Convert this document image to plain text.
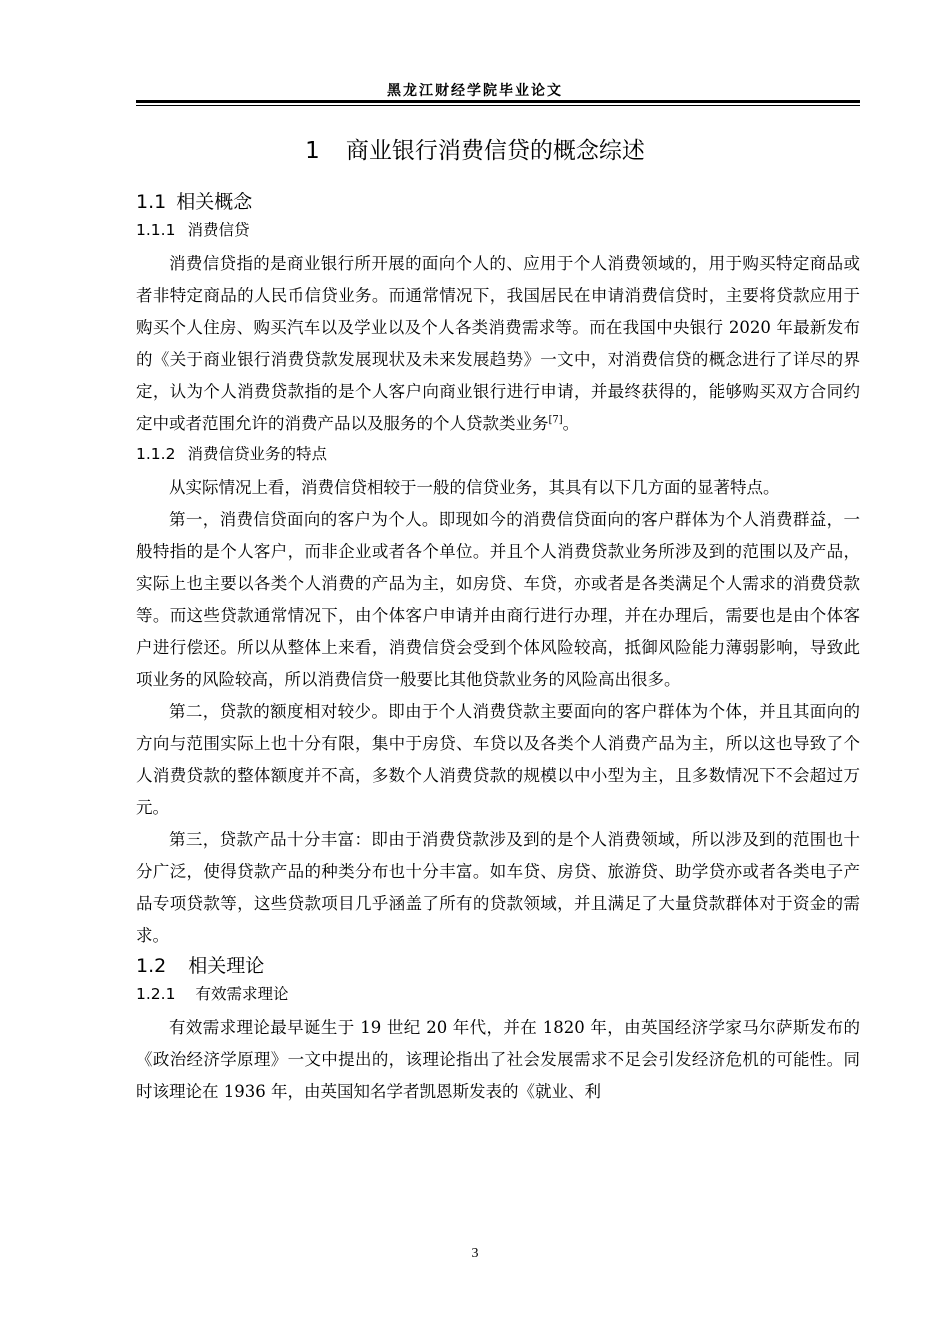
黑龙江财经学院毕业论文
1 商业银行消费信贷的概念综述
1.1 相关概念
1.1.1 消费信贷

消费信贷指的是商业银行所开展的面向个人的、应用于个人消费领域的，用于购买特定商品或者非特定商品的人民币信贷业务。而通常情况下，我国居民在申请消费信贷时，主要将贷款应用于购买个人住房、购买汽车以及学业以及个人各类消费需求等。而在我国中央银行 2020 年最新发布的《关于商业银行消费贷款发展现状及未来发展趋势》一文中，对消费信贷的概念进行了详尽的界定，认为个人消费贷款指的是个人客户向商业银行进行申请，并最终获得的，能够购买双方合同约定中或者范围允许的消费产品以及服务的个人贷款类业务[7]。

1.1.2 消费信贷业务的特点

从实际情况上看，消费信贷相较于一般的信贷业务，其具有以下几方面的显著特点。

第一，消费信贷面向的客户为个人。即现如今的消费信贷面向的客户群体为个人消费群益，一般特指的是个人客户，而非企业或者各个单位。并且个人消费贷款业务所涉及到的范围以及产品，实际上也主要以各类个人消费的产品为主，如房贷、车贷，亦或者是各类满足个人需求的消费贷款等。而这些贷款通常情况下，由个体客户申请并由商行进行办理，并在办理后，需要也是由个体客户进行偿还。所以从整体上来看，消费信贷会受到个体风险较高，抵御风险能力薄弱影响，导致此项业务的风险较高，所以消费信贷一般要比其他贷款业务的风险高出很多。

第二，贷款的额度相对较少。即由于个人消费贷款主要面向的客户群体为个体，并且其面向的方向与范围实际上也十分有限，集中于房贷、车贷以及各类个人消费产品为主，所以这也导致了个人消费贷款的整体额度并不高，多数个人消费贷款的规模以中小型为主，且多数情况下不会超过万元。

第三，贷款产品十分丰富：即由于消费贷款涉及到的是个人消费领域，所以涉及到的范围也十分广泛，使得贷款产品的种类分布也十分丰富。如车贷、房贷、旅游贷、助学贷亦或者各类电子产品专项贷款等，这些贷款项目几乎涵盖了所有的贷款领域，并且满足了大量贷款群体对于资金的需求。

1.2 相关理论
1.2.1 有效需求理论

有效需求理论最早诞生于 19 世纪 20 年代，并在 1820 年，由英国经济学家马尔萨斯发布的《政治经济学原理》一文中提出的，该理论指出了社会发展需求不足会引发经济危机的可能性。同时该理论在 1936 年，由英国知名学者凯恩斯发表的《就业、利

3
